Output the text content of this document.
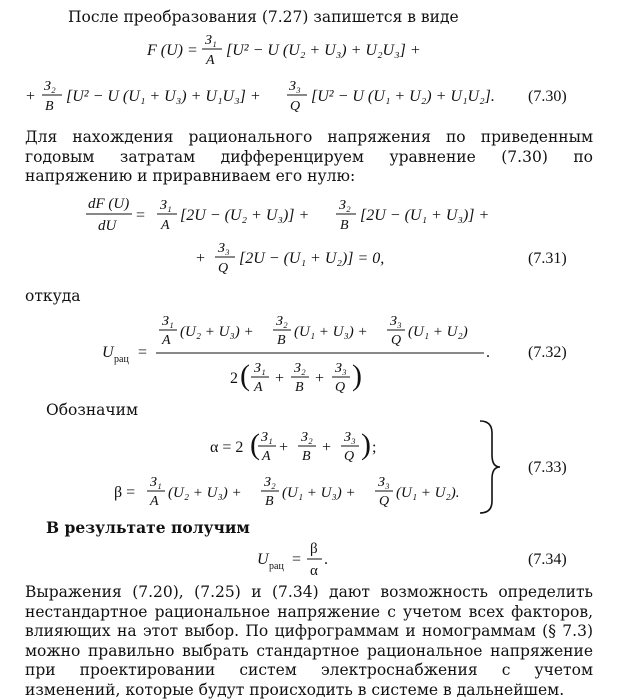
После преобразования (7.27) запишется в виде
F (U) =
З₁
A
[U² − U (U₂ + U₃) + U₂U₃] +
+
З₂
B
[U² − U (U₁ + U₃) + U₁U₃] +
З₃
Q
[U² − U (U₁ + U₂) + U₁U₂]. (7.30)
Для нахождения рационального напряжения по приведенным годовым затратам дифференцируем уравнение (7.30) по напряжению и приравниваем его нулю:
dF (U)
dU
=
З₁
A
[2U − (U₂ + U₃)] +
З₂
B
[2U − (U₁ + U₃)] +
+
З₃
Q
[2U − (U₁ + U₂)] = 0,	(7.31)
откуда
U рац =
З₁
A
(U₂ + U₃) +
З₂
B
(U₁ + U₃) +
З₃
Q
(U₁ + U₂)
.
2 ( З₁
A
+
З₂
B
+
З₃
Q )
(7.32)
Обозначим
α = 2 ( З₁
A
+
З₂
B
+
З₃
Q ) ;
β =
З₁
A
(U₂ + U₃) +
З₂
B
(U₁ + U₃) +
З₃
Q
(U₁ + U₂).
(7.33)
В результате получим
U рац =
β
α
.	(7.34)
Выражения (7.20), (7.25) и (7.34) дают возможность определить нестандартное рациональное напряжение с учетом всех факторов, влияющих на этот выбор. По цифрограммам и номограммам (§ 7.3) можно правильно выбрать стандартное рациональное напряжение при проектировании систем электроснабжения с учетом изменений, которые будут происходить в системе в дальнейшем.
